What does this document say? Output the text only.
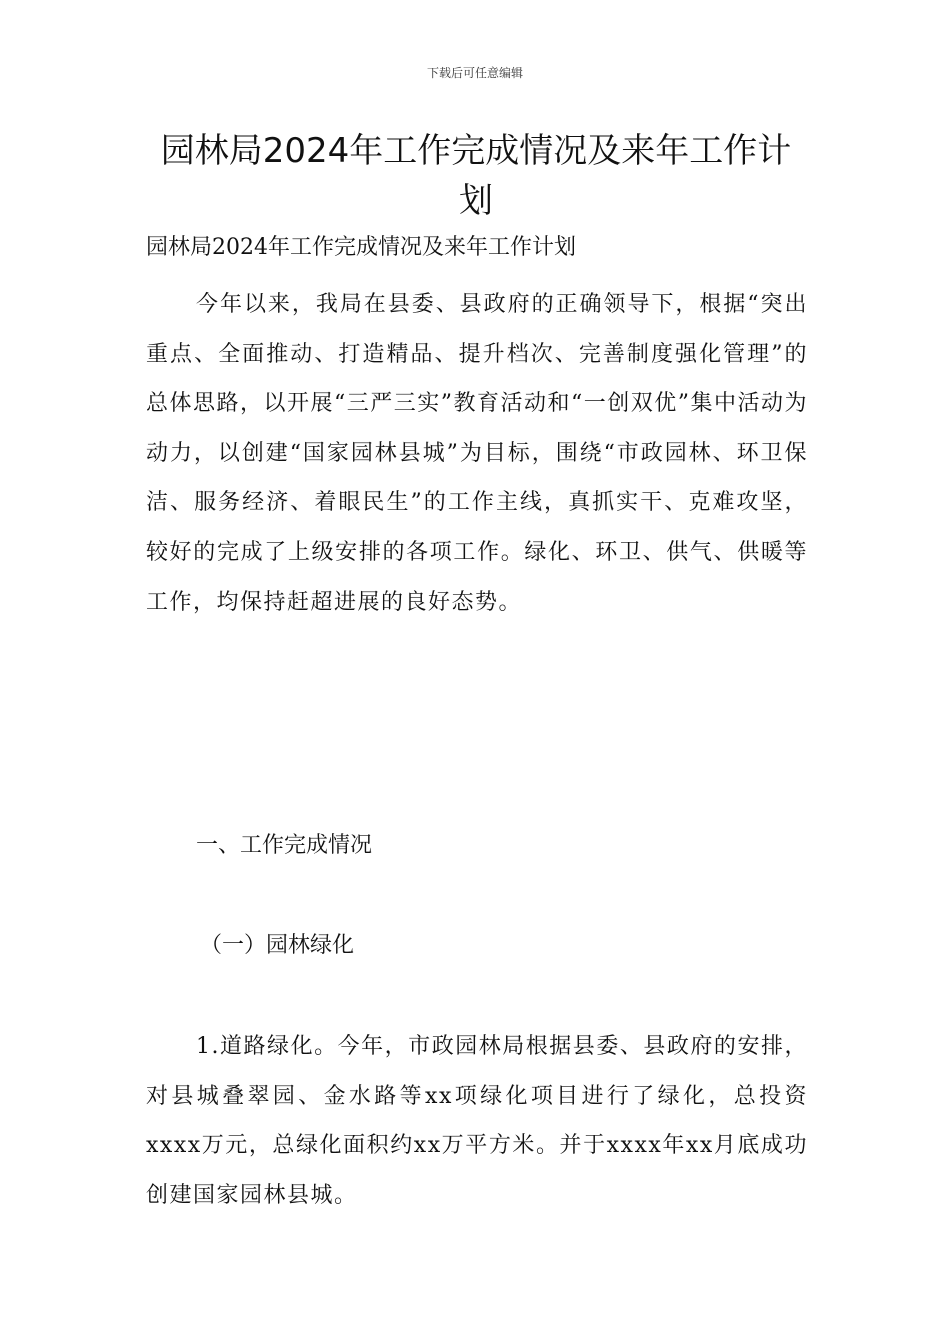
下载后可任意编辑
园林局2024年工作完成情况及来年工作计划
园林局2024年工作完成情况及来年工作计划

今年以来，我局在县委、县政府的正确领导下，根据“突出重点、全面推动、打造精品、提升档次、完善制度强化管理”的总体思路，以开展“三严三实”教育活动和“一创双优”集中活动为动力，以创建“国家园林县城”为目标，围绕“市政园林、环卫保洁、服务经济、着眼民生”的工作主线，真抓实干、克难攻坚，较好的完成了上级安排的各项工作。绿化、环卫、供气、供暖等工作，均保持赶超进展的良好态势。

一、工作完成情况
（一）园林绿化

1.道路绿化。今年，市政园林局根据县委、县政府的安排，对县城叠翠园、金水路等xx项绿化项目进行了绿化，总投资xxxx万元，总绿化面积约xx万平方米。并于xxxx年xx月底成功创建国家园林县城。
